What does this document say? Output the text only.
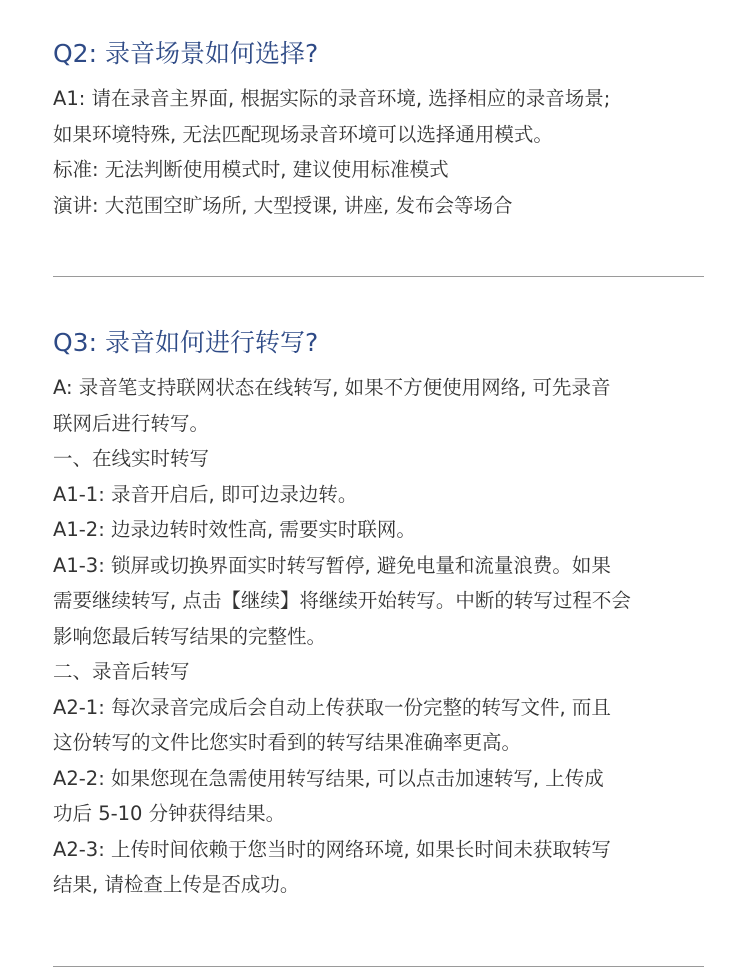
Q2: 录音场景如何选择?
A1: 请在录音主界面, 根据实际的录音环境, 选择相应的录音场景;
如果环境特殊, 无法匹配现场录音环境可以选择通用模式。
标准: 无法判断使用模式时, 建议使用标准模式
演讲: 大范围空旷场所, 大型授课, 讲座, 发布会等场合
Q3: 录音如何进行转写?
A: 录音笔支持联网状态在线转写, 如果不方便使用网络, 可先录音
联网后进行转写。
一、在线实时转写
A1-1: 录音开启后, 即可边录边转。
A1-2: 边录边转时效性高, 需要实时联网。
A1-3: 锁屏或切换界面实时转写暂停, 避免电量和流量浪费。如果
需要继续转写, 点击【继续】将继续开始转写。中断的转写过程不会
影响您最后转写结果的完整性。
二、录音后转写
A2-1: 每次录音完成后会自动上传获取一份完整的转写文件, 而且
这份转写的文件比您实时看到的转写结果准确率更高。
A2-2: 如果您现在急需使用转写结果, 可以点击加速转写, 上传成
功后 5-10 分钟获得结果。
A2-3: 上传时间依赖于您当时的网络环境, 如果长时间未获取转写
结果, 请检查上传是否成功。
